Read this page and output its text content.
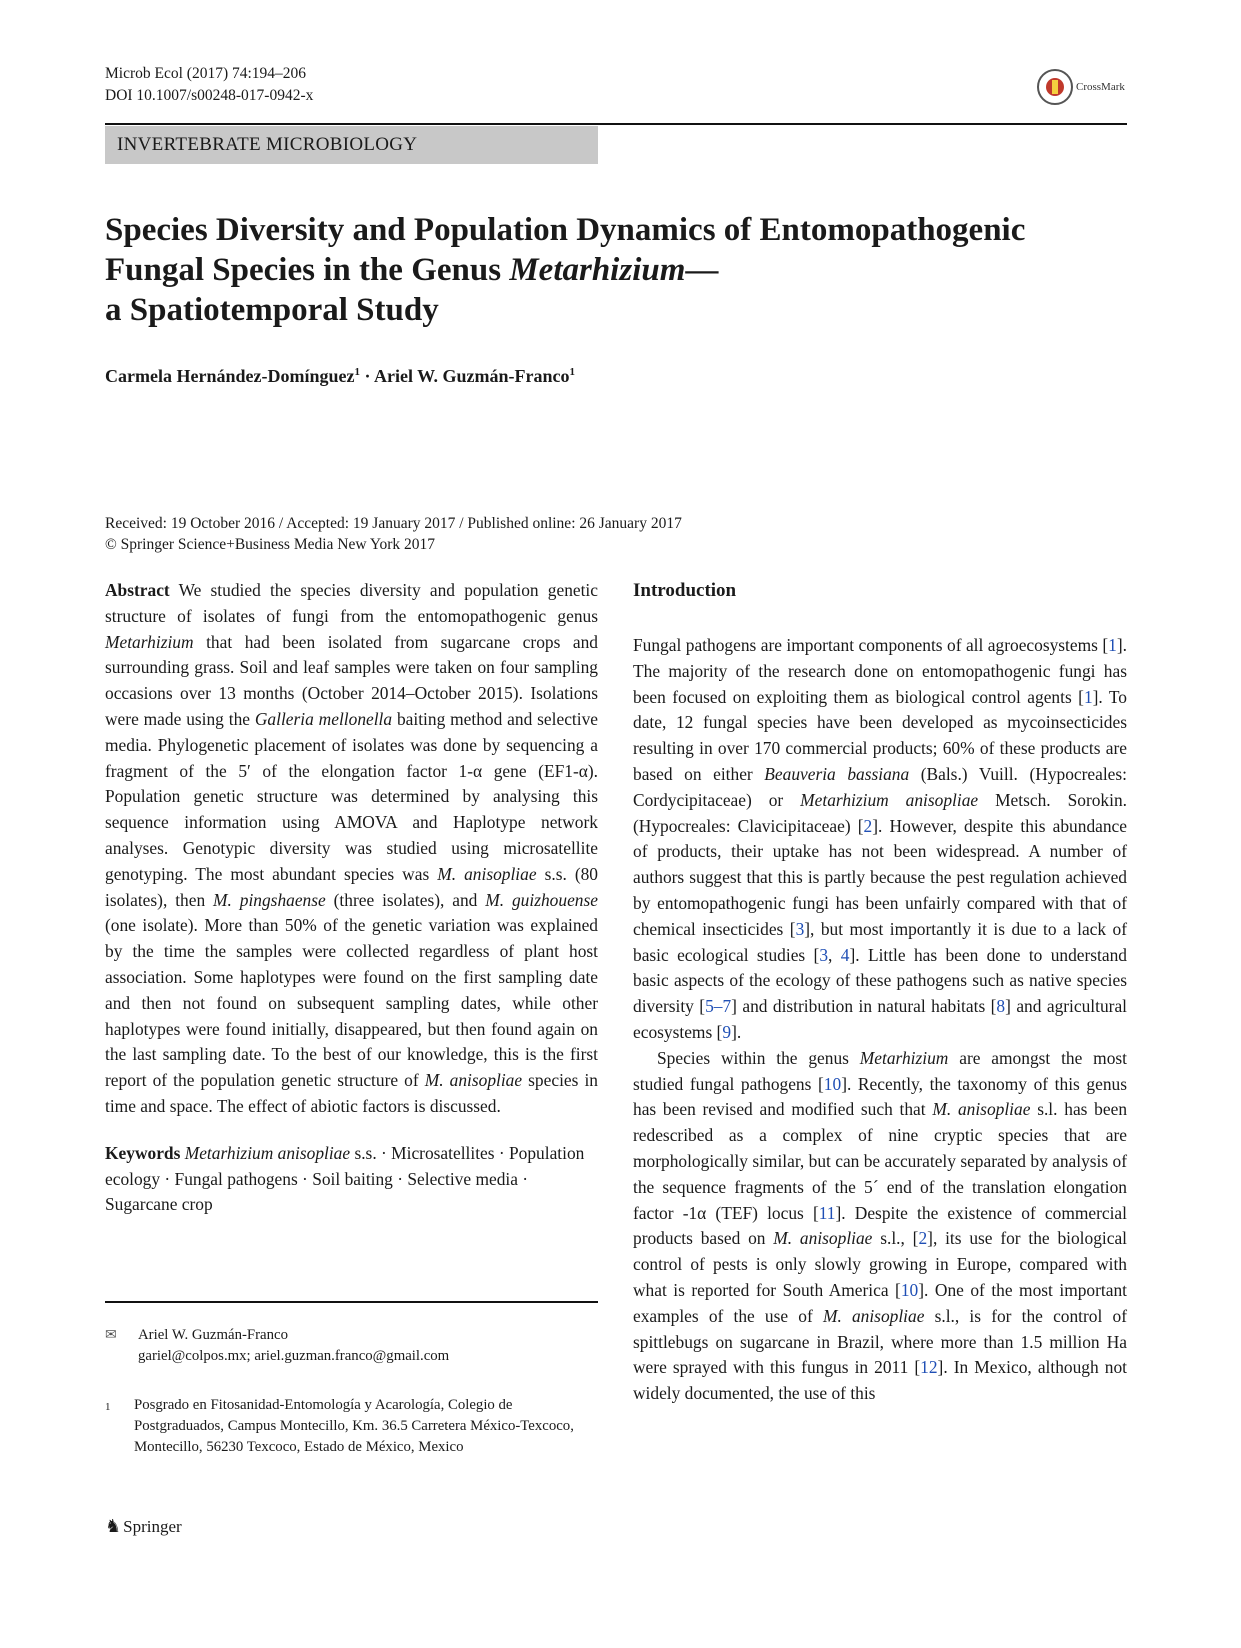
Microb Ecol (2017) 74:194–206
DOI 10.1007/s00248-017-0942-x	CrossMark
INVERTEBRATE MICROBIOLOGY
Species Diversity and Population Dynamics of Entomopathogenic
Fungal Species in the Genus Metarhizium—
a Spatiotemporal Study
Carmela Hernández-Domínguez$^1$ · Ariel W. Guzmán-Franco$^1$
Received: 19 October 2016 / Accepted: 19 January 2017 / Published online: 26 January 2017
© Springer Science+Business Media New York 2017

Abstract We studied the species diversity and population genetic structure of isolates of fungi from the entomopathogenic genus Metarhizium that had been isolated from sugarcane crops and surrounding grass. Soil and leaf samples were taken on four sampling occasions over 13 months (October 2014–October 2015). Isolations were made using the Galleria mellonella baiting method and selective media. Phylogenetic placement of isolates was done by sequencing a fragment of the 5′ of the elongation factor 1-α gene (EF1-α). Population genetic structure was determined by analysing this sequence information using AMOVA and Haplotype network analyses. Genotypic diversity was studied using microsatellite genotyping. The most abundant species was M. anisopliae s.s. (80 isolates), then M. pingshaense (three isolates), and M. guizhouense (one isolate). More than 50% of the genetic variation was explained by the time the samples were collected regardless of plant host association. Some haplotypes were found on the first sampling date and then not found on subsequent sampling dates, while other haplotypes were found initially, disappeared, but then found again on the last sampling date. To the best of our knowledge, this is the first report of the population genetic structure of M. anisopliae species in time and space. The effect of abiotic factors is discussed.

Keywords Metarhizium anisopliae s.s. · Microsatellites · Population ecology · Fungal pathogens · Soil baiting · Selective media · Sugarcane crop

✉	Ariel W. Guzmán-Franco
gariel@colpos.mx; ariel.guzman.franco@gmail.com
1	Posgrado en Fitosanidad-Entomología y Acarología, Colegio de Postgraduados, Campus Montecillo, Km. 36.5 Carretera México-Texcoco, Montecillo, 56230 Texcoco, Estado de México, Mexico
♞ Springer
Introduction

Fungal pathogens are important components of all agroecosystems [1]. The majority of the research done on entomopathogenic fungi has been focused on exploiting them as biological control agents [1]. To date, 12 fungal species have been developed as mycoinsecticides resulting in over 170 commercial products; 60% of these products are based on either Beauveria bassiana (Bals.) Vuill. (Hypocreales: Cordycipitaceae) or Metarhizium anisopliae Metsch. Sorokin. (Hypocreales: Clavicipitaceae) [2]. However, despite this abundance of products, their uptake has not been widespread. A number of authors suggest that this is partly because the pest regulation achieved by entomopathogenic fungi has been unfairly compared with that of chemical insecticides [3], but most importantly it is due to a lack of basic ecological studies [3, 4]. Little has been done to understand basic aspects of the ecology of these pathogens such as native species diversity [5–7] and distribution in natural habitats [8] and agricultural ecosystems [9].

Species within the genus Metarhizium are amongst the most studied fungal pathogens [10]. Recently, the taxonomy of this genus has been revised and modified such that M. anisopliae s.l. has been redescribed as a complex of nine cryptic species that are morphologically similar, but can be accurately separated by analysis of the sequence fragments of the 5´ end of the translation elongation factor -1α (TEF) locus [11]. Despite the existence of commercial products based on M. anisopliae s.l., [2], its use for the biological control of pests is only slowly growing in Europe, compared with what is reported for South America [10]. One of the most important examples of the use of M. anisopliae s.l., is for the control of spittlebugs on sugarcane in Brazil, where more than 1.5 million Ha were sprayed with this fungus in 2011 [12]. In Mexico, although not widely documented, the use of this
